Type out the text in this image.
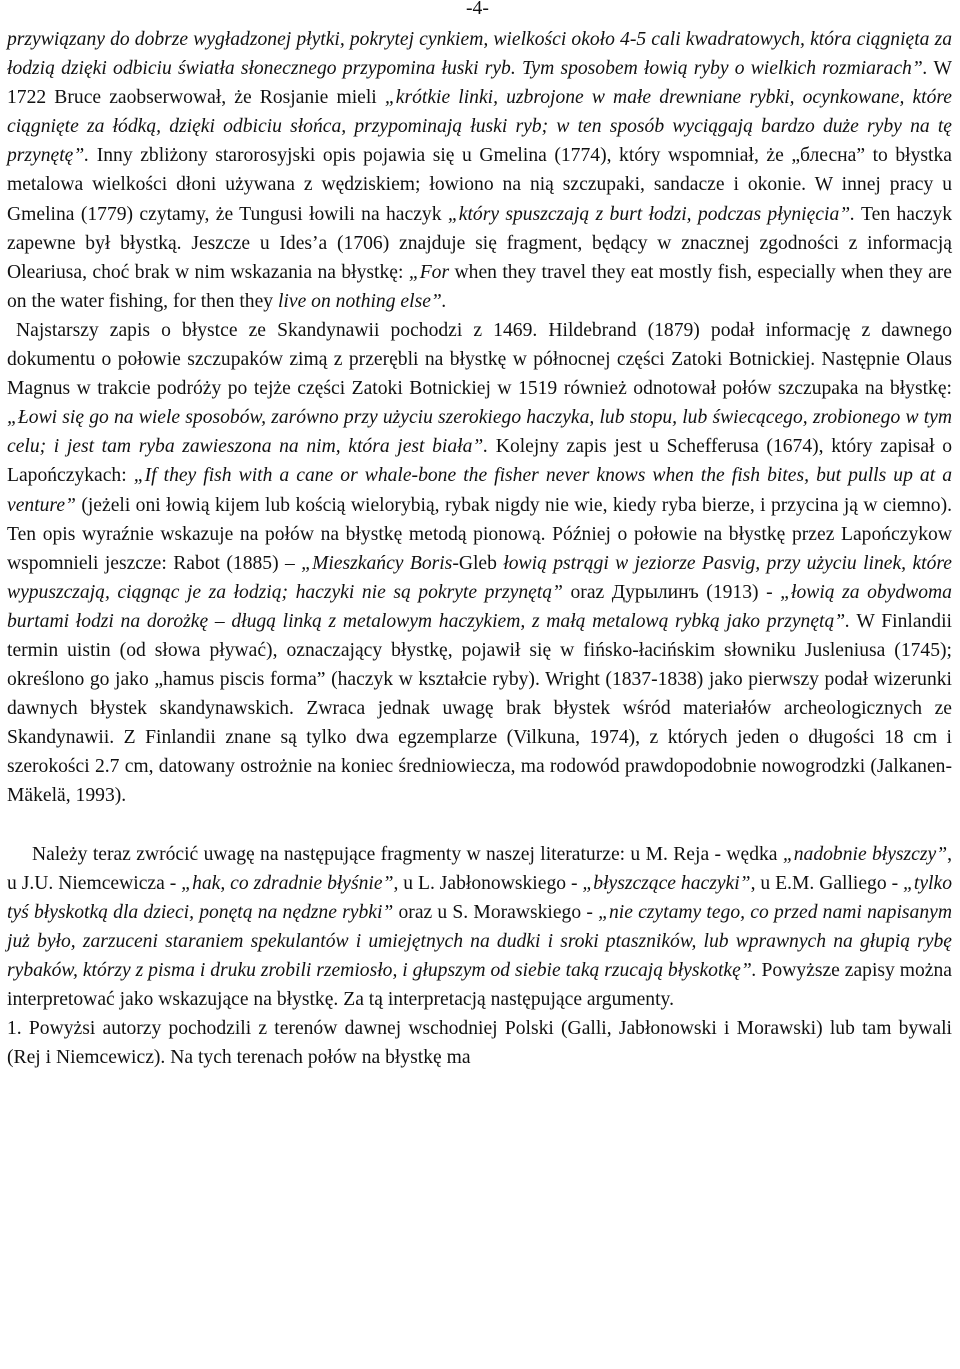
-4-

przywiązany do dobrze wygładzonej płytki, pokrytej cynkiem, wielkości około 4-5 cali kwadratowych, która ciągnięta za łodzią dzięki odbiciu światła słonecznego przypomina łuski ryb. Tym sposobem łowią ryby o wielkich rozmiarach”. W 1722 Bruce zaobserwował, że Rosjanie mieli „krótkie linki, uzbrojone w małe drewniane rybki, ocynkowane, które ciągnięte za łódką, dzięki odbiciu słońca, przypominają łuski ryb; w ten sposób wyciągają bardzo duże ryby na tę przynętę”. Inny zbliżony starorosyjski opis pojawia się u Gmelina (1774), który wspomniał, że „блесна” to błystka metalowa wielkości dłoni używana z wędziskiem; łowiono na nią szczupaki, sandacze i okonie. W innej pracy u Gmelina (1779) czytamy, że Tungusi łowili na haczyk „który spuszczają z burt łodzi, podczas płynięcia”. Ten haczyk zapewne był błystką. Jeszcze u Ides’a (1706) znajduje się fragment, będący w znacznej zgodności z informacją Oleariusa, choć brak w nim wskazania na błystkę: „For when they travel they eat mostly fish, especially when they are on the water fishing, for then they live on nothing else”.

Najstarszy zapis o błystce ze Skandynawii pochodzi z 1469. Hildebrand (1879) podał informację z dawnego dokumentu o połowie szczupaków zimą z przerębli na błystkę w północnej części Zatoki Botnickiej. Następnie Olaus Magnus w trakcie podróży po tejże części Zatoki Botnickiej w 1519 również odnotował połów szczupaka na błystkę: „Łowi się go na wiele sposobów, zarówno przy użyciu szerokiego haczyka, lub stopu, lub świecącego, zrobionego w tym celu; i jest tam ryba zawieszona na nim, która jest biała”. Kolejny zapis jest u Schefferusa (1674), który zapisał o Lapończykach: „If they fish with a cane or whale-bone the fisher never knows when the fish bites, but pulls up at a venture” (jeżeli oni łowią kijem lub kością wielorybią, rybak nigdy nie wie, kiedy ryba bierze, i przycina ją w ciemno). Ten opis wyraźnie wskazuje na połów na błystkę metodą pionową. Później o połowie na błystkę przez Lapończykow wspomnieli jeszcze: Rabot (1885) – „Mieszkańcy Boris-Gleb łowią pstrągi w jeziorze Pasvig, przy użyciu linek, które wypuszczają, ciągnąc je za łodzią; haczyki nie są pokryte przynętą” oraz Дурылинъ (1913) - „łowią za obydwoma burtami łodzi na dorożkę – długą linką z metalowym haczykiem, z małą metalową rybką jako przynętą”. W Finlandii termin uistin (od słowa pływać), oznaczający błystkę, pojawił się w fińsko-łacińskim słowniku Jusleniusa (1745); określono go jako „hamus piscis forma” (haczyk w kształcie ryby). Wright (1837-1838) jako pierwszy podał wizerunki dawnych błystek skandynawskich. Zwraca jednak uwagę brak błystek wśród materiałów archeologicznych ze Skandynawii. Z Finlandii znane są tylko dwa egzemplarze (Vilkuna, 1974), z których jeden o długości 18 cm i szerokości 2.7 cm, datowany ostrożnie na koniec średniowiecza, ma rodowód prawdopodobnie nowogrodzki (Jalkanen-Mäkelä, 1993).

Należy teraz zwrócić uwagę na następujące fragmenty w naszej literaturze: u M. Reja - wędka „nadobnie błyszczy”, u J.U. Niemcewicza - „hak, co zdradnie błyśnie”, u L. Jabłonowskiego - „błyszczące haczyki”, u E.M. Galliego - „tylko tyś błyskotką dla dzieci, ponętą na nędzne rybki” oraz u S. Morawskiego - „nie czytamy tego, co przed nami napisanym już było, zarzuceni staraniem spekulantów i umiejętnych na dudki i sroki ptaszników, lub wprawnych na głupią rybę rybaków, którzy z pisma i druku zrobili rzemiosło, i głupszym od siebie taką rzucają błyskotkę”. Powyższe zapisy można interpretować jako wskazujące na błystkę. Za tą interpretacją następujące argumenty.

1. Powyżsi autorzy pochodzili z terenów dawnej wschodniej Polski (Galli, Jabłonowski i Morawski) lub tam bywali (Rej i Niemcewicz). Na tych terenach połów na błystkę ma
